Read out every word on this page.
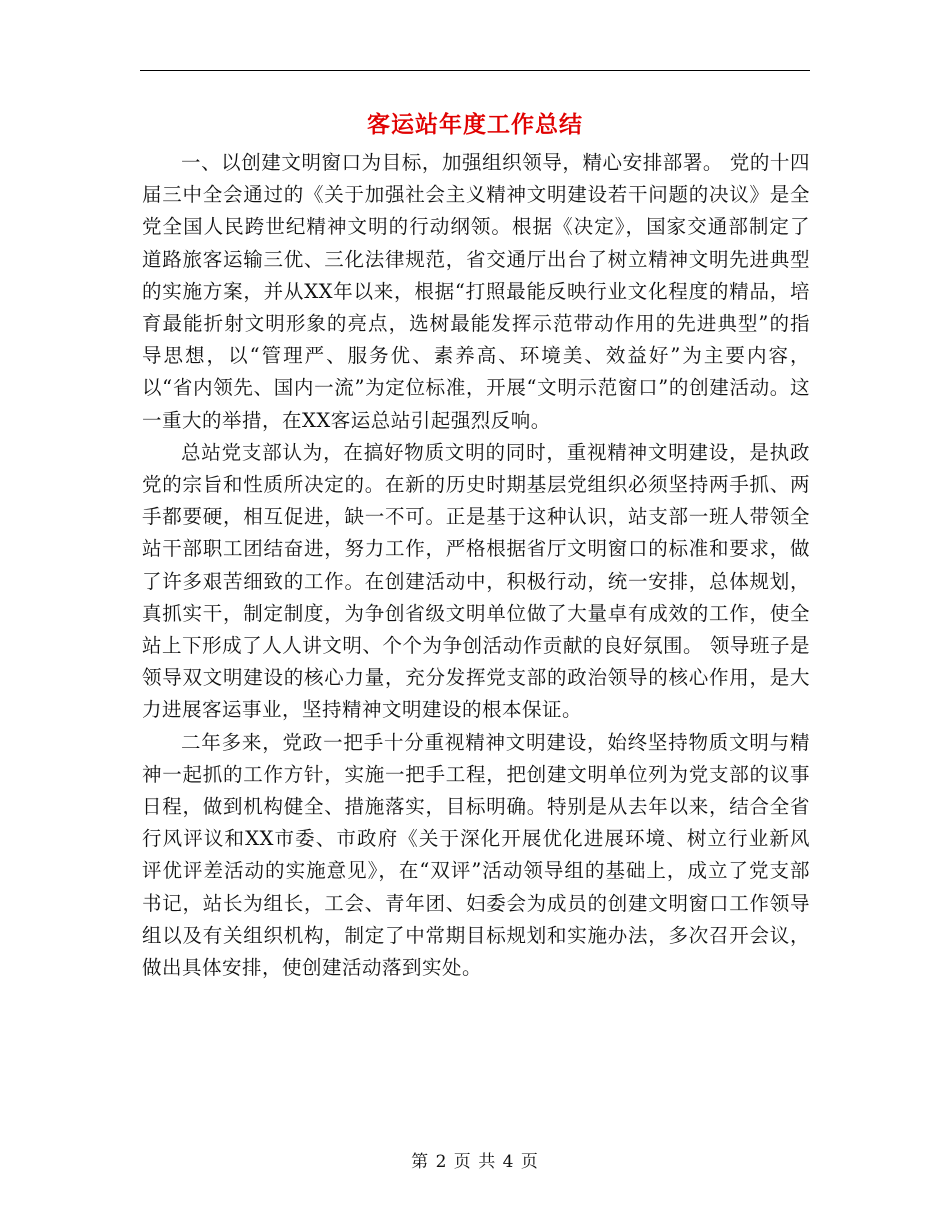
客运站年度工作总结

一、以创建文明窗口为目标，加强组织领导，精心安排部署。 党的十四届三中全会通过的《关于加强社会主义精神文明建设若干问题的决议》是全党全国人民跨世纪精神文明的行动纲领。根据《决定》，国家交通部制定了道路旅客运输三优、三化法律规范，省交通厅出台了树立精神文明先进典型的实施方案，并从XX年以来，根据“打照最能反映行业文化程度的精品，培育最能折射文明形象的亮点，选树最能发挥示范带动作用的先进典型”的指导思想，以“管理严、服务优、素养高、环境美、效益好”为主要内容，以“省内领先、国内一流”为定位标准，开展“文明示范窗口”的创建活动。这一重大的举措，在XX客运总站引起强烈反响。

总站党支部认为，在搞好物质文明的同时，重视精神文明建设，是执政党的宗旨和性质所决定的。在新的历史时期基层党组织必须坚持两手抓、两手都要硬，相互促进，缺一不可。正是基于这种认识，站支部一班人带领全站干部职工团结奋进，努力工作，严格根据省厅文明窗口的标准和要求，做了许多艰苦细致的工作。在创建活动中，积极行动，统一安排，总体规划，真抓实干，制定制度，为争创省级文明单位做了大量卓有成效的工作，使全站上下形成了人人讲文明、个个为争创活动作贡献的良好氛围。 领导班子是领导双文明建设的核心力量，充分发挥党支部的政治领导的核心作用，是大力进展客运事业，坚持精神文明建设的根本保证。

二年多来，党政一把手十分重视精神文明建设，始终坚持物质文明与精神一起抓的工作方针，实施一把手工程，把创建文明单位列为党支部的议事日程，做到机构健全、措施落实，目标明确。特别是从去年以来，结合全省行风评议和XX市委、市政府《关于深化开展优化进展环境、树立行业新风评优评差活动的实施意见》，在“双评”活动领导组的基础上，成立了党支部书记，站长为组长，工会、青年团、妇委会为成员的创建文明窗口工作领导组以及有关组织机构，制定了中常期目标规划和实施办法，多次召开会议，做出具体安排，使创建活动落到实处。

第 2 页 共 4 页
